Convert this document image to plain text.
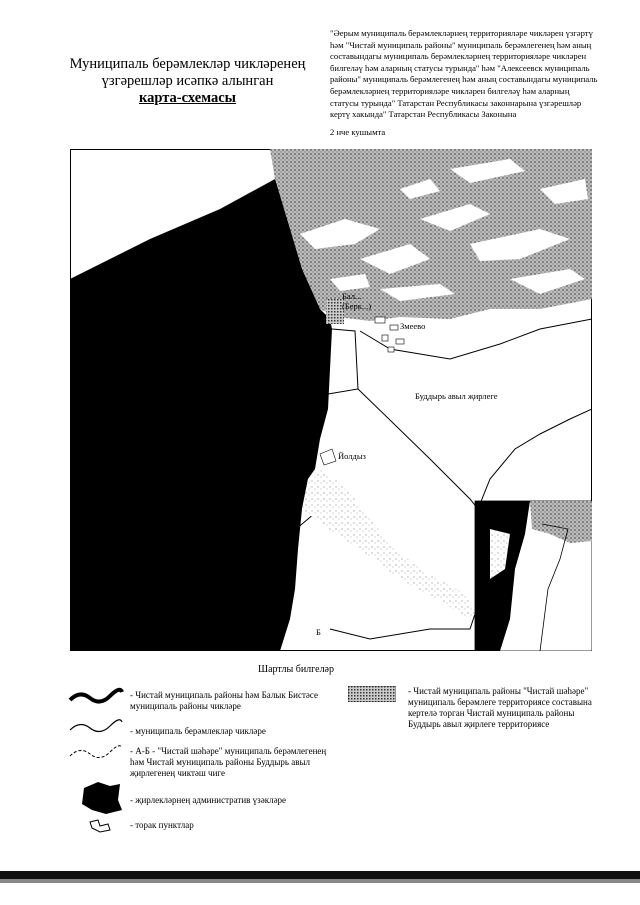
Муниципаль берәмлекләр чикләренең
үзгәрешләр исәпкә алынган
карта-схемасы
"Әерым муниципаль берәмлекләрнең территорияләре чикләрен үзгәртү һәм "Чистай муниципаль районы" муниципаль берәмлегенең һәм аның составындагы муниципаль берәмлекләрнең территорияләре чикләрен билгеләү һәм аларның статусы турында" һәм "Алексеевск муниципаль районы" муниципаль берәмлегенең һәм аның составындагы муниципаль берәмлекләрнең территорияләре чикләрен билгеләү һәм аларның статусы турында" Татарстан Республикасы законнарына үзгәрешләр кертү хакында" Татарстан Республикасы Законына
2 нче кушымта
А
Б
Бал...
(Берк...)
Змеево
Буддырь авыл җирлеге
Йолдыз
Шартлы билгеләр
- Чистай муниципаль районы һәм Балык Бистәсе муниципаль районы чикләре
- муниципаль берәмлекләр чикләре
- А-Б - "Чистай шәһәре" муниципаль берәмлегенең һәм Чистай муниципаль районы Буддырь авыл җирлегенең чиктәш чиге
- җирлекләрнең административ үзәкләре
- торак пунктлар
- Чистай муниципаль районы "Чистай шәһәре" муниципаль берәмлеге территориясе составына кертелә торган Чистай муниципаль районы Буддырь авыл җирлеге территориясе
